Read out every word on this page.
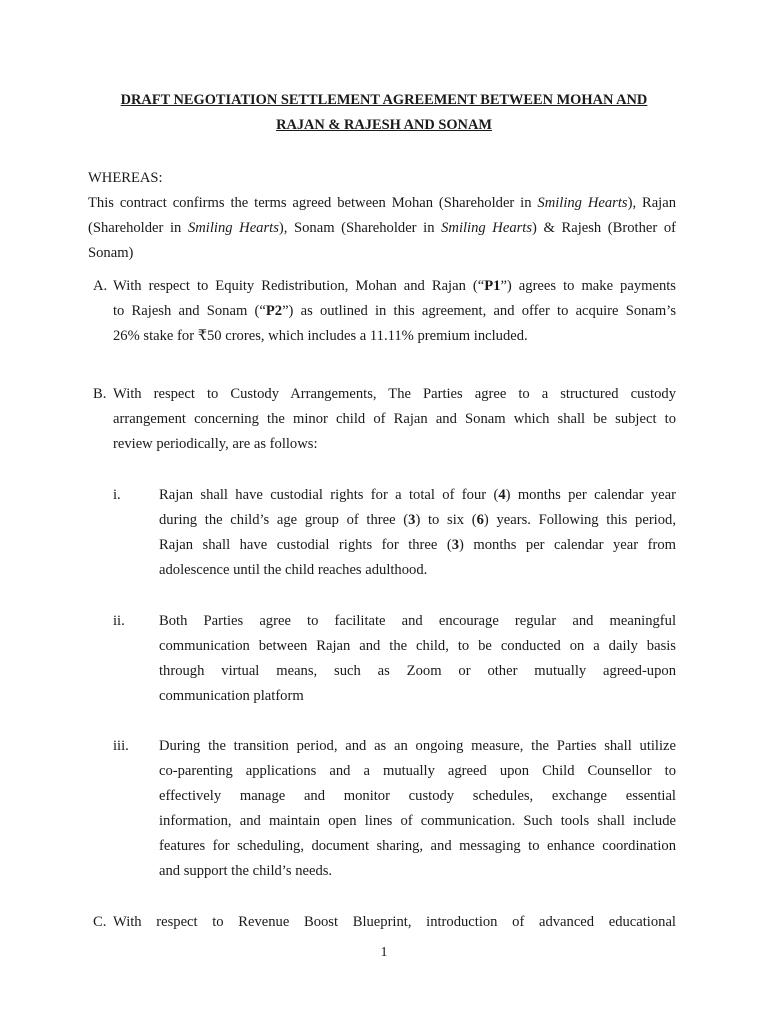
DRAFT NEGOTIATION SETTLEMENT AGREEMENT BETWEEN MOHAN AND
RAJAN & RAJESH AND SONAM
WHEREAS:
This contract confirms the terms agreed between Mohan (Shareholder in Smiling Hearts), Rajan
(Shareholder in Smiling Hearts), Sonam (Shareholder in Smiling Hearts) & Rajesh (Brother of
Sonam)
A. With respect to Equity Redistribution, Mohan and Rajan (“P1”) agrees to make payments
to Rajesh and Sonam (“P2”) as outlined in this agreement, and offer to acquire Sonam’s
26% stake for ₹50 crores, which includes a 11.11% premium included.
B. With respect to Custody Arrangements, The Parties agree to a structured custody
arrangement concerning the minor child of Rajan and Sonam which shall be subject to
review periodically, are as follows:
i.	Rajan shall have custodial rights for a total of four (4) months per calendar year
during the child’s age group of three (3) to six (6) years. Following this period,
Rajan shall have custodial rights for three (3) months per calendar year from
adolescence until the child reaches adulthood.
ii. Both Parties agree to facilitate and encourage regular and meaningful
communication between Rajan and the child, to be conducted on a daily basis
through virtual means, such as Zoom or other mutually agreed-upon
communication platform
iii. During the transition period, and as an ongoing measure, the Parties shall utilize
co-parenting applications and a mutually agreed upon Child Counsellor to
effectively manage and monitor custody schedules, exchange essential
information, and maintain open lines of communication. Such tools shall include
features for scheduling, document sharing, and messaging to enhance coordination
and support the child’s needs.
C. With respect to Revenue Boost Blueprint, introduction of advanced educational
1
